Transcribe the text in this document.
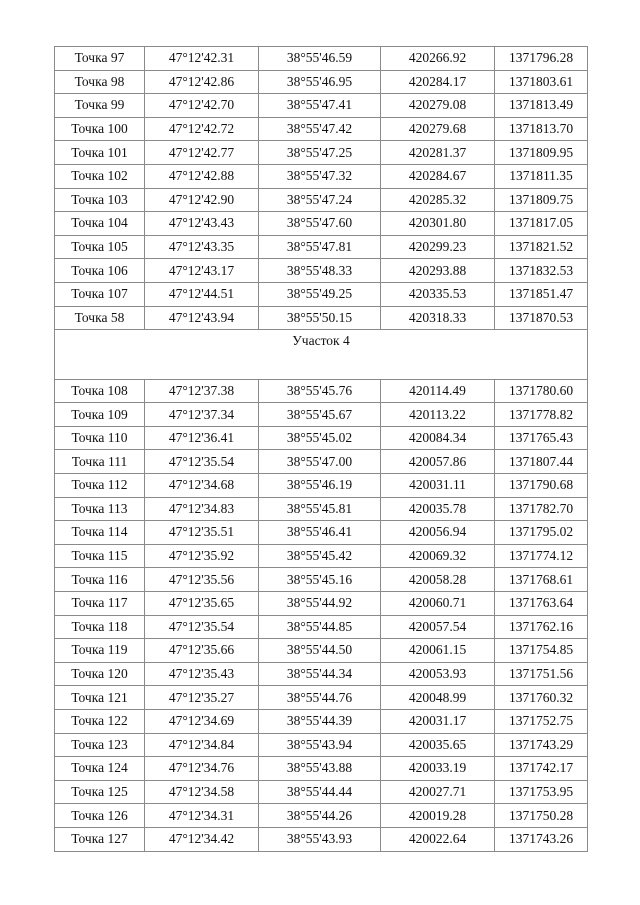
Точка 97	47°12'42.31	38°55'46.59	420266.92	1371796.28
Точка 98	47°12'42.86	38°55'46.95	420284.17	1371803.61
Точка 99	47°12'42.70	38°55'47.41	420279.08	1371813.49
Точка 100	47°12'42.72	38°55'47.42	420279.68	1371813.70
Точка 101	47°12'42.77	38°55'47.25	420281.37	1371809.95
Точка 102	47°12'42.88	38°55'47.32	420284.67	1371811.35
Точка 103	47°12'42.90	38°55'47.24	420285.32	1371809.75
Точка 104	47°12'43.43	38°55'47.60	420301.80	1371817.05
Точка 105	47°12'43.35	38°55'47.81	420299.23	1371821.52
Точка 106	47°12'43.17	38°55'48.33	420293.88	1371832.53
Точка 107	47°12'44.51	38°55'49.25	420335.53	1371851.47
Точка 58	47°12'43.94	38°55'50.15	420318.33	1371870.53
Участок 4				
Точка 108	47°12'37.38	38°55'45.76	420114.49	1371780.60
Точка 109	47°12'37.34	38°55'45.67	420113.22	1371778.82
Точка 110	47°12'36.41	38°55'45.02	420084.34	1371765.43
Точка 111	47°12'35.54	38°55'47.00	420057.86	1371807.44
Точка 112	47°12'34.68	38°55'46.19	420031.11	1371790.68
Точка 113	47°12'34.83	38°55'45.81	420035.78	1371782.70
Точка 114	47°12'35.51	38°55'46.41	420056.94	1371795.02
Точка 115	47°12'35.92	38°55'45.42	420069.32	1371774.12
Точка 116	47°12'35.56	38°55'45.16	420058.28	1371768.61
Точка 117	47°12'35.65	38°55'44.92	420060.71	1371763.64
Точка 118	47°12'35.54	38°55'44.85	420057.54	1371762.16
Точка 119	47°12'35.66	38°55'44.50	420061.15	1371754.85
Точка 120	47°12'35.43	38°55'44.34	420053.93	1371751.56
Точка 121	47°12'35.27	38°55'44.76	420048.99	1371760.32
Точка 122	47°12'34.69	38°55'44.39	420031.17	1371752.75
Точка 123	47°12'34.84	38°55'43.94	420035.65	1371743.29
Точка 124	47°12'34.76	38°55'43.88	420033.19	1371742.17
Точка 125	47°12'34.58	38°55'44.44	420027.71	1371753.95
Точка 126	47°12'34.31	38°55'44.26	420019.28	1371750.28
Точка 127	47°12'34.42	38°55'43.93	420022.64	1371743.26
